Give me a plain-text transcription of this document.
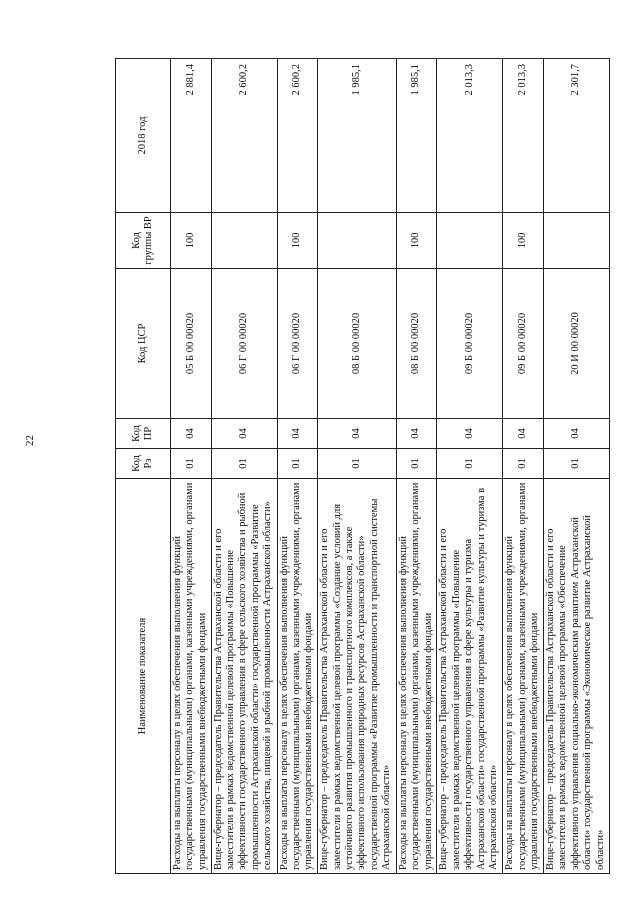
22
Наименование показателя	Код Рз	Код ПР	Код ЦСР	Код группы ВР	2018 год
Расходы на выплаты персоналу в целях обеспечения выполнения функций государственными (муниципальными) органами, казенными учреждениями, органами управления государственными внебюджетными фондами	01	04	05 Б 00 00020	100	2 881,4
Вице-губернатор – председатель Правительства Астраханской области и его заместители в рамках ведомственной целевой программы «Повышение эффективности государственного управления в сфере сельского хозяйства и рыбной промышленности Астраханской области» государственной программы «Развитие сельского хозяйства, пищевой и рыбной промышленности Астраханской области»	01	04	06 Г 00 00020		2 600,2
Расходы на выплаты персоналу в целях обеспечения выполнения функций государственными (муниципальными) органами, казенными учреждениями, органами управления государственными внебюджетными фондами	01	04	06 Г 00 00020	100	2 600,2
Вице-губернатор – председатель Правительства Астраханской области и его заместители в рамках ведомственной целевой программы «Создание условий для устойчивого развития промышленного и транспортного комплексов, а также эффективного использования природных ресурсов Астраханской области» государственной программы «Развитие промышленности и транспортной системы Астраханской области»	01	04	08 Б 00 00020		1 985,1
Расходы на выплаты персоналу в целях обеспечения выполнения функций государственными (муниципальными) органами, казенными учреждениями, органами управления государственными внебюджетными фондами	01	04	08 Б 00 00020	100	1 985,1
Вице-губернатор – председатель Правительства Астраханской области и его заместители в рамках ведомственной целевой программы «Повышение эффективности государственного управления в сфере культуры и туризма Астраханской области» государственной программы «Развитие культуры и туризма в Астраханской области»	01	04	09 Б 00 00020		2 013,3
Расходы на выплаты персоналу в целях обеспечения выполнения функций государственными (муниципальными) органами, казенными учреждениями, органами управления государственными внебюджетными фондами	01	04	09 Б 00 00020	100	2 013,3
Вице-губернатор – председатель Правительства Астраханской области и его заместители в рамках ведомственной целевой программы «Обеспечение эффективного управления социально-экономическим развитием Астраханской области» государственной программы «Экономическое развитие Астраханской области»	01	04	20 И 00 00020		2 301,7
